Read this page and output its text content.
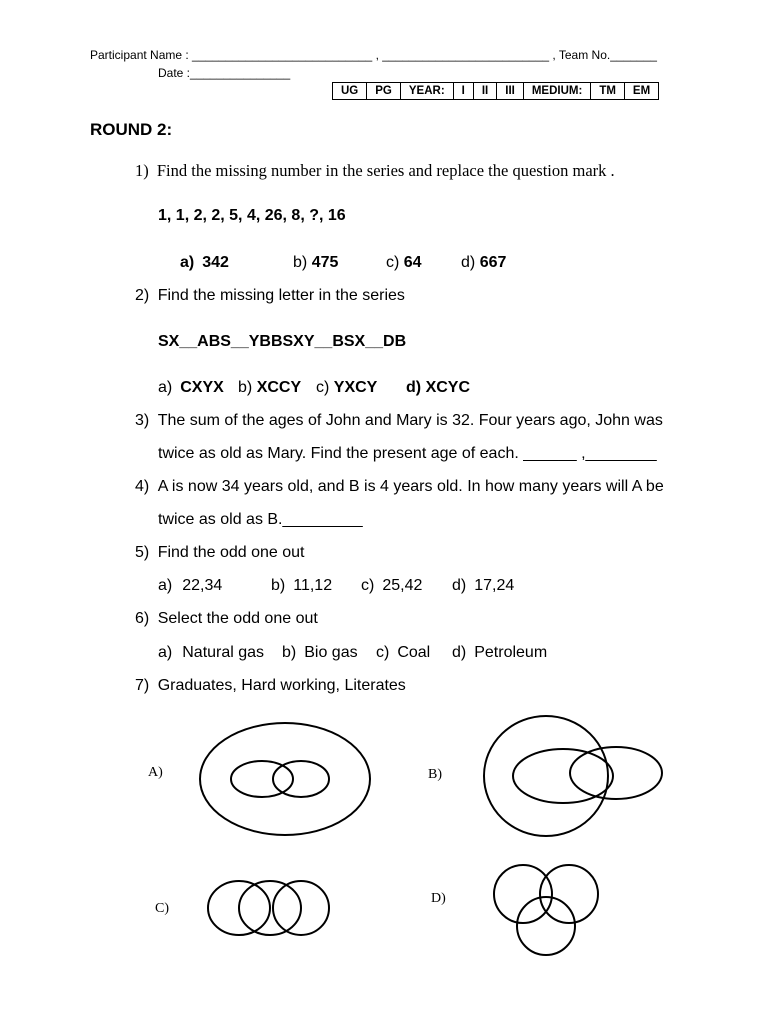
Participant Name : ___________________________ , _________________________ , Team No._______
Date :_______________
UG	PG	YEAR:	I	II	III	MEDIUM:	TM	EM
ROUND 2:
1) Find the missing number in the series and replace the question mark .
1, 1, 2, 2, 5, 4, 26, 8, ?, 16
a) 342	b) 475	c) 64 d) 667
2) Find the missing letter in the series
SX__ABS__YBBSXY__BSX__DB
a) CXYX b) XCCY c) YXCY d) XCYC
3) The sum of the ages of John and Mary is 32. Four years ago, John was
twice as old as Mary. Find the present age of each. ______ ,________
4) A is now 34 years old, and B is 4 years old. In how many years will A be
twice as old as B._________
5) Find the odd one out
a) 22,34	b) 11,12 c) 25,42 d) 17,24
6) Select the odd one out
a) Natural gas b) Bio gas c) Coal d) Petroleum
7) Graduates, Hard working, Literates
A)	B)
C)
D)
